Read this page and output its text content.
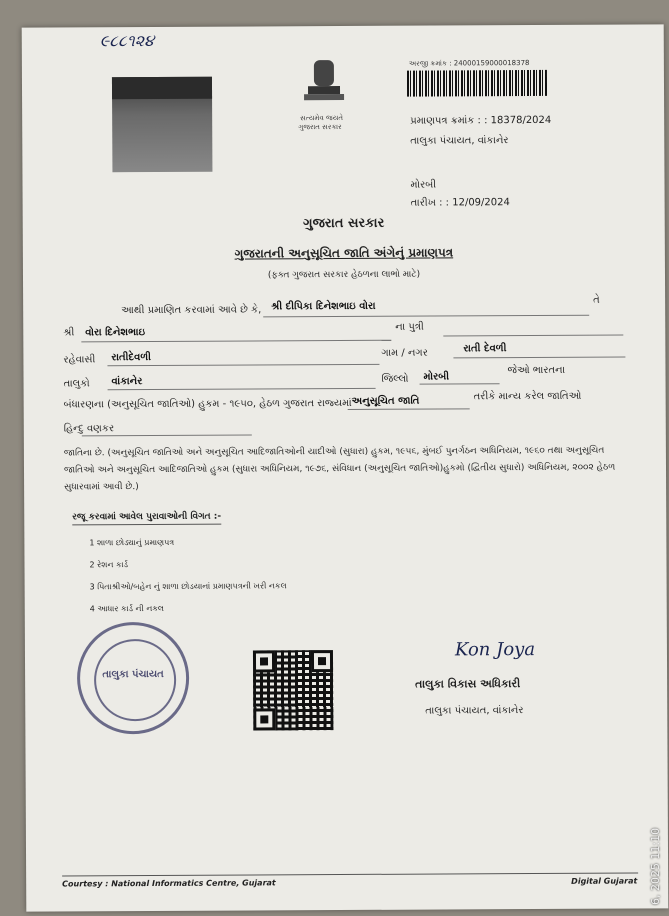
૯૮૮૧૨૪
સત્યમેવ જયતે
ગુજરાત સરકાર
અરજી ક્રમાંક : 24000159000018378
પ્રમાણપત્ર ક્રમાંક : : 18378/2024
તાલુકા પંચાયત, વાંકાનેર
મોરબી
તારીખ : : 12/09/2024
ગુજરાત સરકાર
ગુજરાતની અનુસૂચિત જાતિ અંગેનું પ્રમાણપત્ર
(ફક્ત ગુજરાત સરકાર હેઠળના લાભો માટે)
આથી પ્રમાણિત કરવામાં આવે છે કે, શ્રી દીપિકા દિનેશભાઇ વોરા
તે
શ્રી વોરા દિનેશભાઇ	ના પુત્રી
રહેવાસી રાતીદેવળી	ગામ / નગર	રાતી દેવળી
તાલુકો વાંકાનેર	જિલ્લો મોરબી
જેઓ ભારતના
બંધારણના (અનુસૂચિત જાતિઓ) હુકમ - ૧૯૫૦, હેઠળ ગુજરાત રાજ્યમાં અનુસૂચિત જાતિ	તરીકે માન્ય કરેલ જાતિઓ
હિન્દુ વણકર
જાતિના છે. (અનુસૂચિત જાતિઓ અને અનુસૂચિત આદિજાતિઓની યાદીઓ (સુધારા) હુકમ, ૧૯૫૬, મુંબઈ પુનર્ગઠન અધિનિયમ, ૧૯૬૦ તથા અનુસૂચિત જાતિઓ અને અનુસૂચિત આદિજાતિઓ હુકમ (સુધારા અધિનિયમ, ૧૯૭૬, સંવિધાન (અનુસૂચિત જાતિઓ)હુકમો (દ્વિતીય સુધારો) અધિનિયમ, ૨૦૦૨ હેઠળ સુધારવામાં આવી છે.)
રજૂ કરવામાં આવેલ પુરાવાઓની વિગત :-
1 શાળા છોડ્યાનું પ્રમાણપત્ર
2 રેશન કાર્ડ
3 પિતાશ્રીઓ/બહેન નું શાળા છોડયાનાં પ્રમાણપત્રની ખરી નકલ
4 આધાર કાર્ડ ની નકલ
તાલુકા પંચાયત
Kon Joya
તાલુકા વિકાસ અધિકારી
તાલુકા પંચાયત, વાંકાનેર
Courtesy : National Informatics Centre, Gujarat	Digital Gujarat 6, 2025 11:10
